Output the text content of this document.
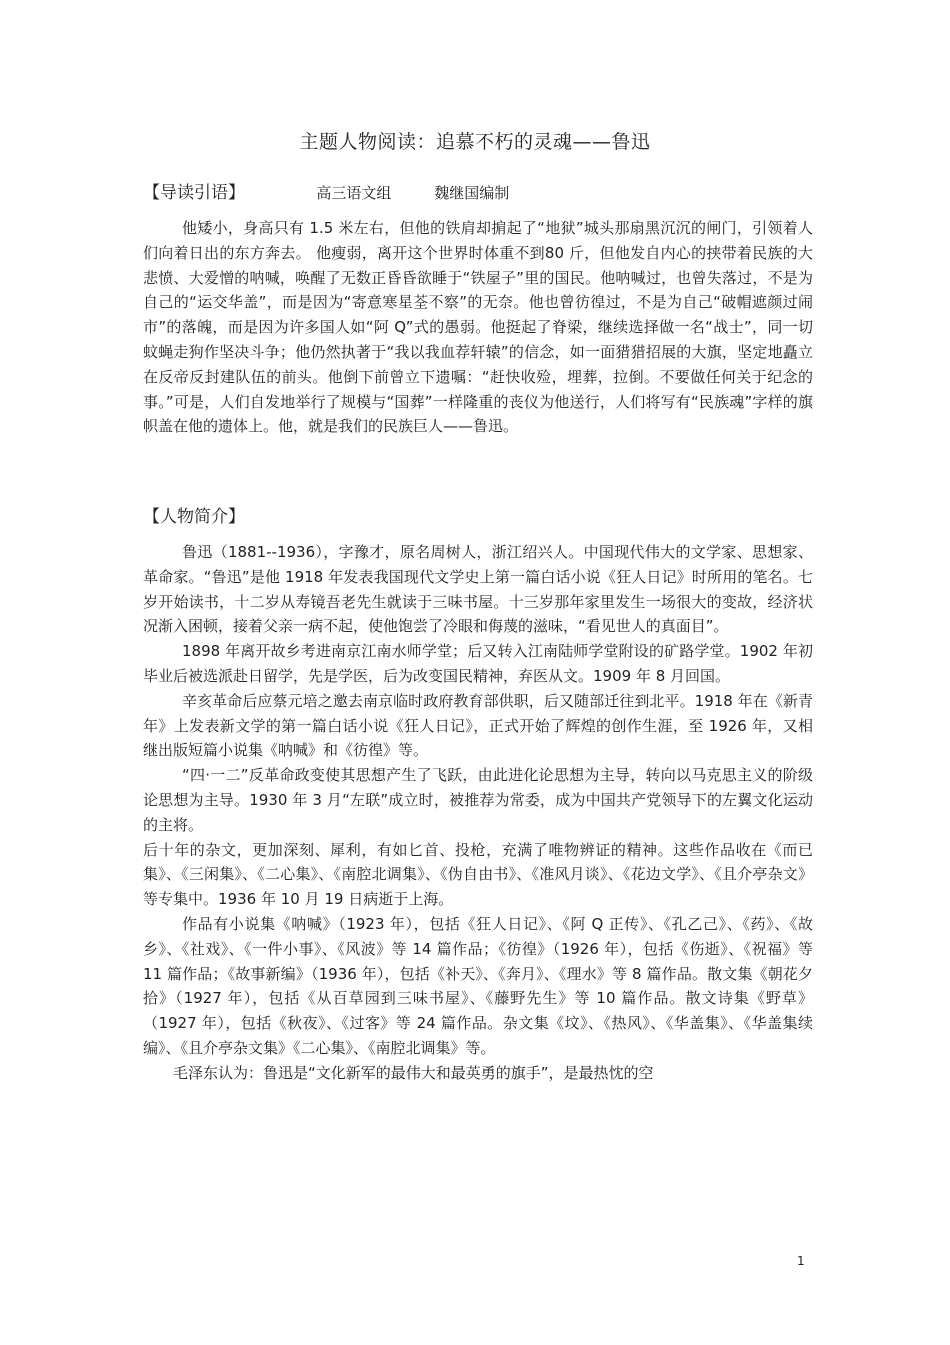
主题人物阅读：追慕不朽的灵魂——鲁迅
【导读引语】	高三语文组	魏继国编制

他矮小，身高只有 1.5 米左右，但他的铁肩却掮起了“地狱”城头那扇黑沉沉的闸门，引领着人们向着日出的东方奔去。 他瘦弱，离开这个世界时体重不到80 斤，但他发自内心的挟带着民族的大悲愤、大爱憎的呐喊，唤醒了无数正昏昏欲睡于“铁屋子”里的国民。他呐喊过，也曾失落过，不是为自己的“运交华盖”，而是因为“寄意寒星荃不察”的无奈。他也曾彷徨过，不是为自己“破帽遮颜过闹市”的落魄，而是因为许多国人如“阿 Q”式的愚弱。他挺起了脊梁，继续选择做一名“战士”，同一切蚊蝇走狗作坚决斗争；他仍然执著于“我以我血荐轩辕”的信念，如一面猎猎招展的大旗，坚定地矗立在反帝反封建队伍的前头。他倒下前曾立下遗嘱：“赶快收殓，埋葬，拉倒。不要做任何关于纪念的事。”可是，人们自发地举行了规模与“国葬”一样隆重的丧仪为他送行，人们将写有“民族魂”字样的旗帜盖在他的遗体上。他，就是我们的民族巨人——鲁迅。

【人物简介】

鲁迅（1881--1936），字豫才，原名周树人，浙江绍兴人。中国现代伟大的文学家、思想家、革命家。“鲁迅”是他 1918 年发表我国现代文学史上第一篇白话小说《狂人日记》时所用的笔名。七岁开始读书，十二岁从寿镜吾老先生就读于三味书屋。十三岁那年家里发生一场很大的变故，经济状况渐入困顿，接着父亲一病不起，使他饱尝了冷眼和侮蔑的滋味，“看见世人的真面目”。

1898 年离开故乡考进南京江南水师学堂；后又转入江南陆师学堂附设的矿路学堂。1902 年初毕业后被选派赴日留学，先是学医，后为改变国民精神，弃医从文。1909 年 8 月回国。

辛亥革命后应蔡元培之邀去南京临时政府教育部供职，后又随部迁往到北平。1918 年在《新青年》上发表新文学的第一篇白话小说《狂人日记》，正式开始了辉煌的创作生涯，至 1926 年，又相继出版短篇小说集《呐喊》和《彷徨》等。

“四·一二”反革命政变使其思想产生了飞跃，由此进化论思想为主导，转向以马克思主义的阶级论思想为主导。1930 年 3 月“左联”成立时，被推荐为常委，成为中国共产党领导下的左翼文化运动的主将。

后十年的杂文，更加深刻、犀利，有如匕首、投枪，充满了唯物辨证的精神。这些作品收在《而已集》、《三闲集》、《二心集》、《南腔北调集》、《伪自由书》、《准风月谈》、《花边文学》、《且介亭杂文》等专集中。1936 年 10 月 19 日病逝于上海。

作品有小说集《呐喊》（1923 年），包括《狂人日记》、《阿 Q 正传》、《孔乙己》、《药》、《故乡》、《社戏》、《一件小事》、《风波》等 14 篇作品；《彷徨》（1926 年），包括《伤逝》、《祝福》等 11 篇作品；《故事新编》（1936 年），包括《补天》、《奔月》、《理水》等 8 篇作品。散文集《朝花夕拾》（1927 年），包括《从百草园到三味书屋》、《藤野先生》等 10 篇作品。散文诗集《野草》（1927 年），包括《秋夜》、《过客》等 24 篇作品。杂文集《坟》、《热风》、《华盖集》、《华盖集续编》、《且介亭杂文集》《二心集》、《南腔北调集》等。

毛泽东认为：鲁迅是“文化新军的最伟大和最英勇的旗手”，是最热忱的空

1
